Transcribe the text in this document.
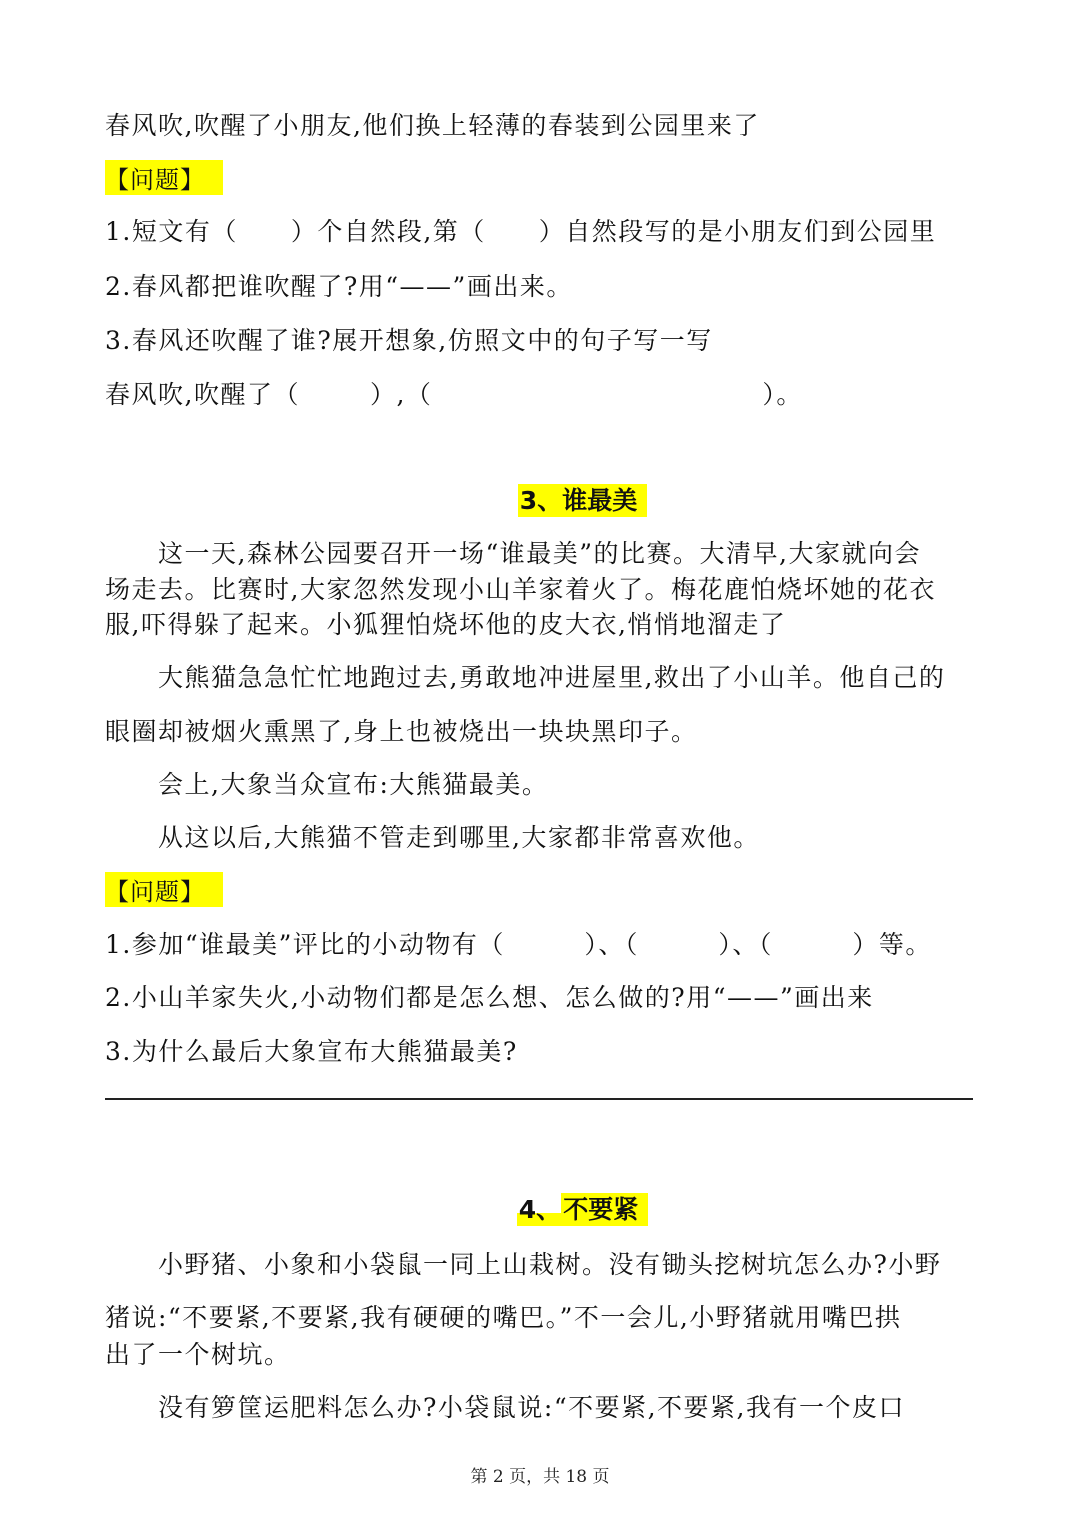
春风吹,吹醒了小朋友,他们换上轻薄的春装到公园里来了
【问题】
1.短文有（　　）个自然段,第（　　）自然段写的是小朋友们到公园里
2.春风都把谁吹醒了?用“——”画出来。
3.春风还吹醒了谁?展开想象,仿照文中的句子写一写
春风吹,吹醒了（	）,（	）。
3、谁最美
这一天,森林公园要召开一场“谁最美”的比赛。大清早,大家就向会
场走去。比赛时,大家忽然发现小山羊家着火了。梅花鹿怕烧坏她的花衣
服,吓得躲了起来。小狐狸怕烧坏他的皮大衣,悄悄地溜走了
大熊猫急急忙忙地跑过去,勇敢地冲进屋里,救出了小山羊。他自己的
眼圈却被烟火熏黑了,身上也被烧出一块块黑印子。
会上,大象当众宣布:大熊猫最美。
从这以后,大熊猫不管走到哪里,大家都非常喜欢他。
【问题】
1.参加“谁最美”评比的小动物有（　　　）、（　　　）、（　　　）等。
2.小山羊家失火,小动物们都是怎么想、怎么做的?用“——”画出来
3.为什么最后大象宣布大熊猫最美?
4、不要紧
小野猪、小象和小袋鼠一同上山栽树。没有锄头挖树坑怎么办?小野
猪说:“不要紧,不要紧,我有硬硬的嘴巴。”不一会儿,小野猪就用嘴巴拱
出了一个树坑。
没有箩筐运肥料怎么办?小袋鼠说:“不要紧,不要紧,我有一个皮口
第 2 页，共 18 页
